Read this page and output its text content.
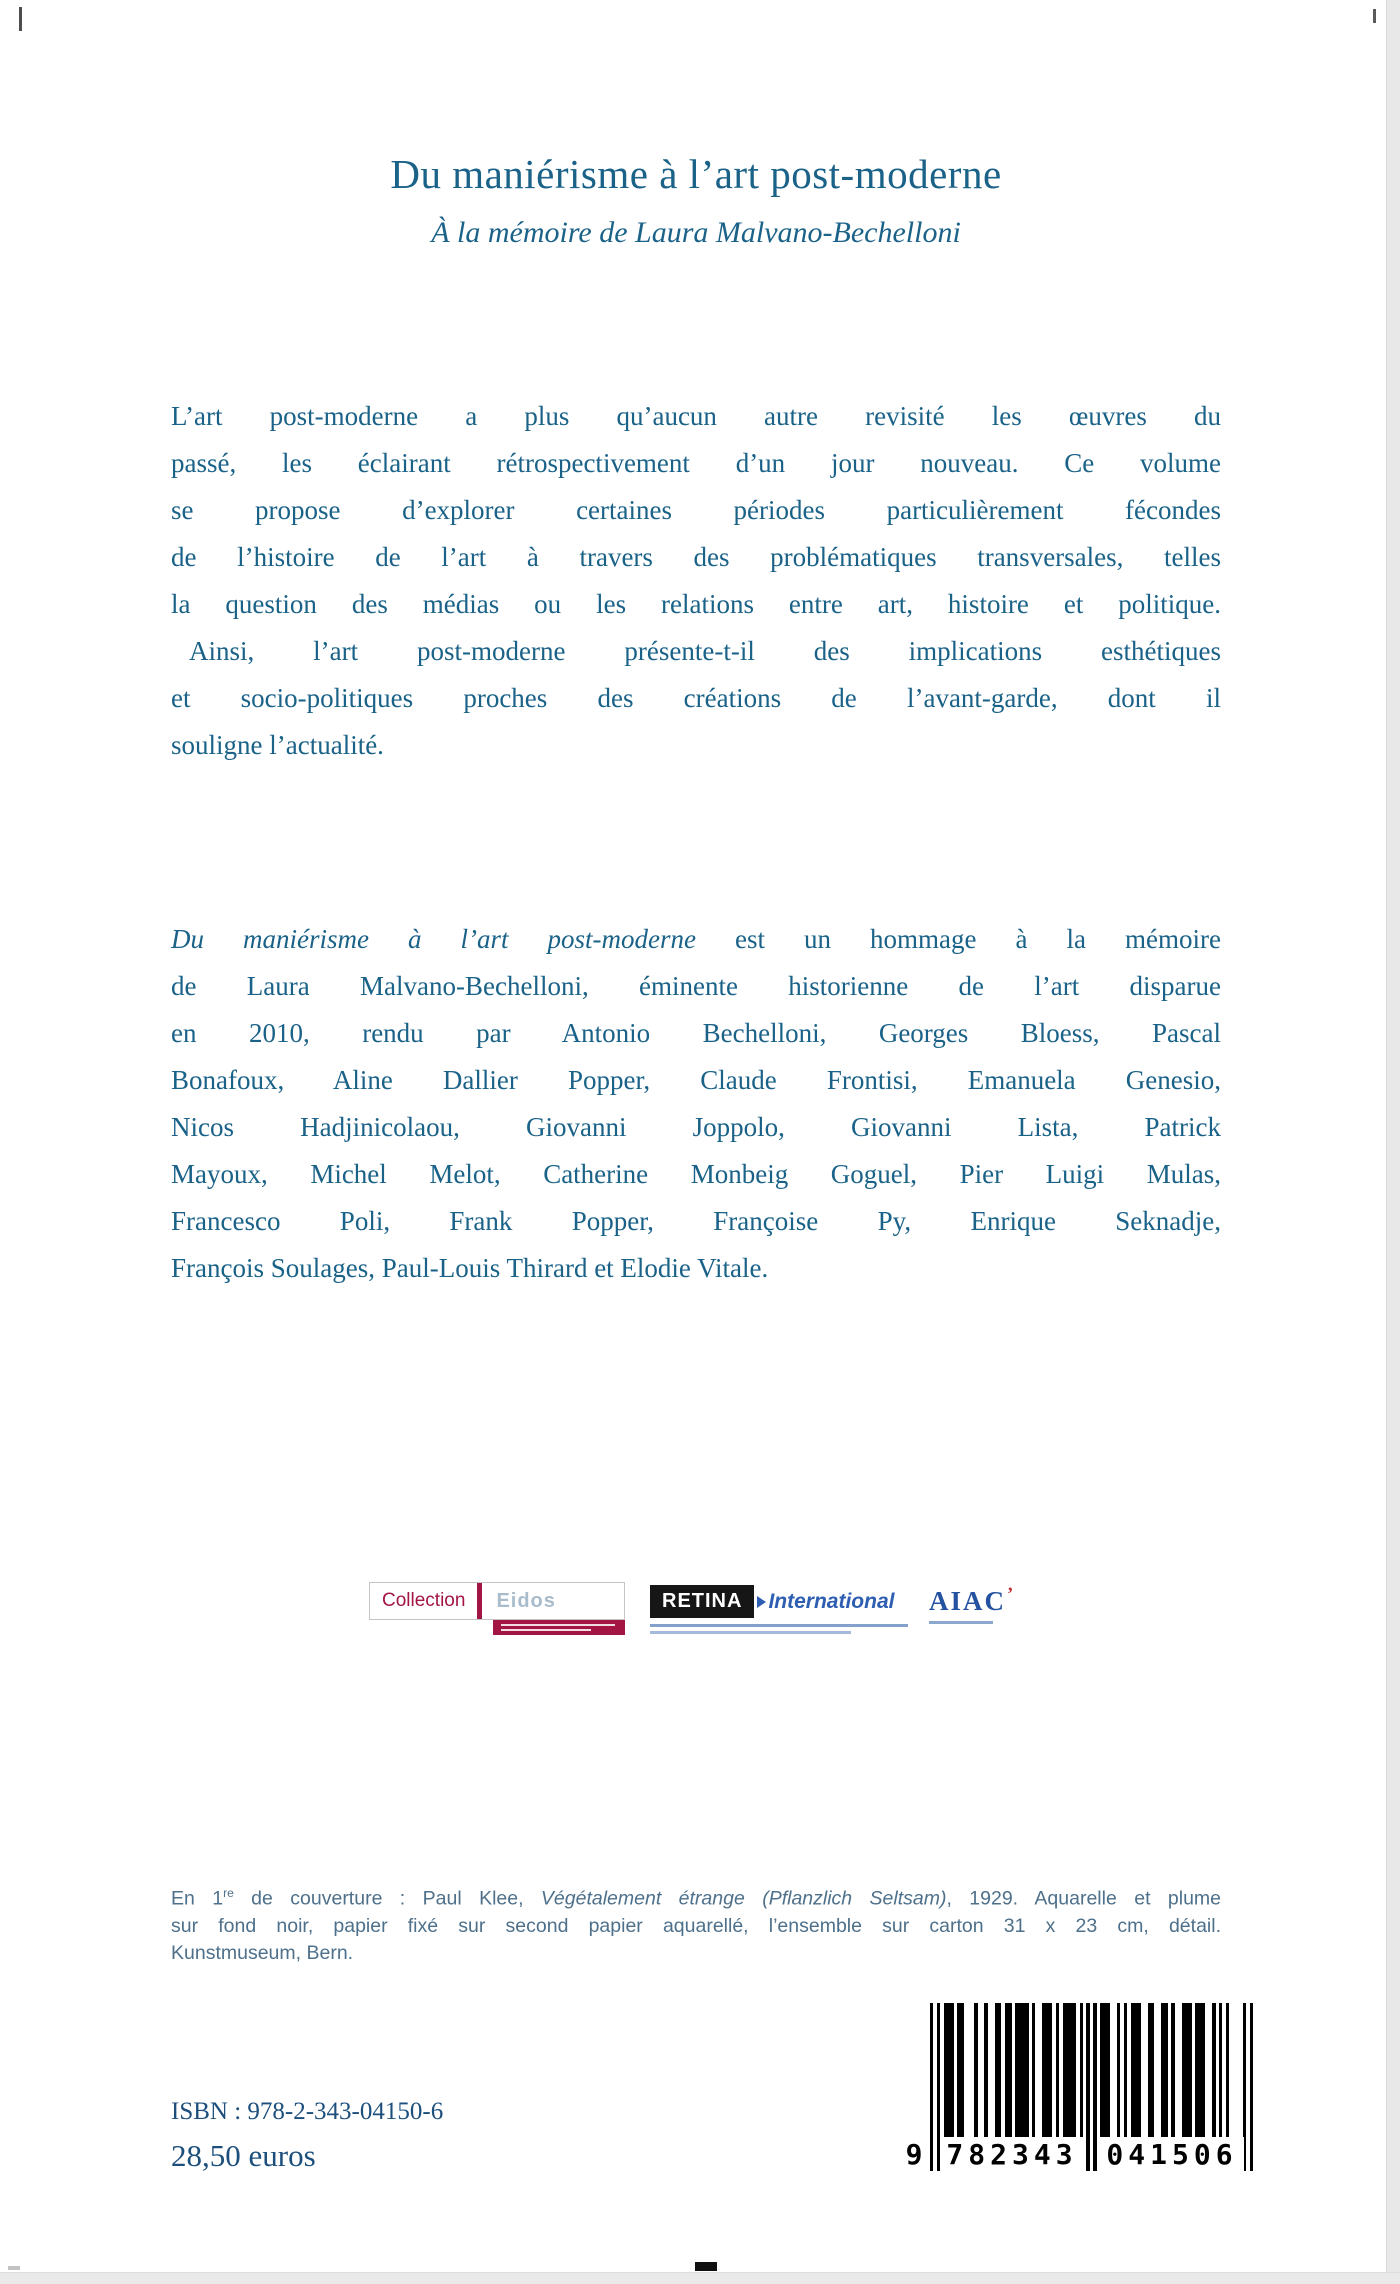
Du maniérisme à l’art post-moderne
À la mémoire de Laura Malvano-Bechelloni
L’art post-moderne a plus qu’aucun autre revisité les œuvres du
passé, les éclairant rétrospectivement d’un jour nouveau. Ce volume
se propose d’explorer certaines périodes particulièrement fécondes
de l’histoire de l’art à travers des problématiques transversales, telles
la question des médias ou les relations entre art, histoire et politique.
Ainsi, l’art post-moderne présente-t-il des implications esthétiques
et socio-politiques proches des créations de l’avant-garde, dont il
souligne l’actualité.
Du maniérisme à l’art post-moderne est un hommage à la mémoire
de Laura Malvano-Bechelloni, éminente historienne de l’art disparue
en 2010, rendu par Antonio Bechelloni, Georges Bloess, Pascal
Bonafoux, Aline Dallier Popper, Claude Frontisi, Emanuela Genesio,
Nicos Hadjinicolaou, Giovanni Joppolo, Giovanni Lista, Patrick
Mayoux, Michel Melot, Catherine Monbeig Goguel, Pier Luigi Mulas,
Francesco Poli, Frank Popper, Françoise Py, Enrique Seknadje,
François Soulages, Paul-Louis Thirard et Elodie Vitale.
Collection	Eidos	RETINA	International AIAC’
En 1re de couverture : Paul Klee, Végétalement étrange (Pflanzlich Seltsam), 1929. Aquarelle et plume
sur fond noir, papier fixé sur second papier aquarellé, l’ensemble sur carton 31 x 23 cm, détail.
Kunstmuseum, Bern.
ISBN : 978-2-343-04150-6
28,50 euros	9 782343 041506
